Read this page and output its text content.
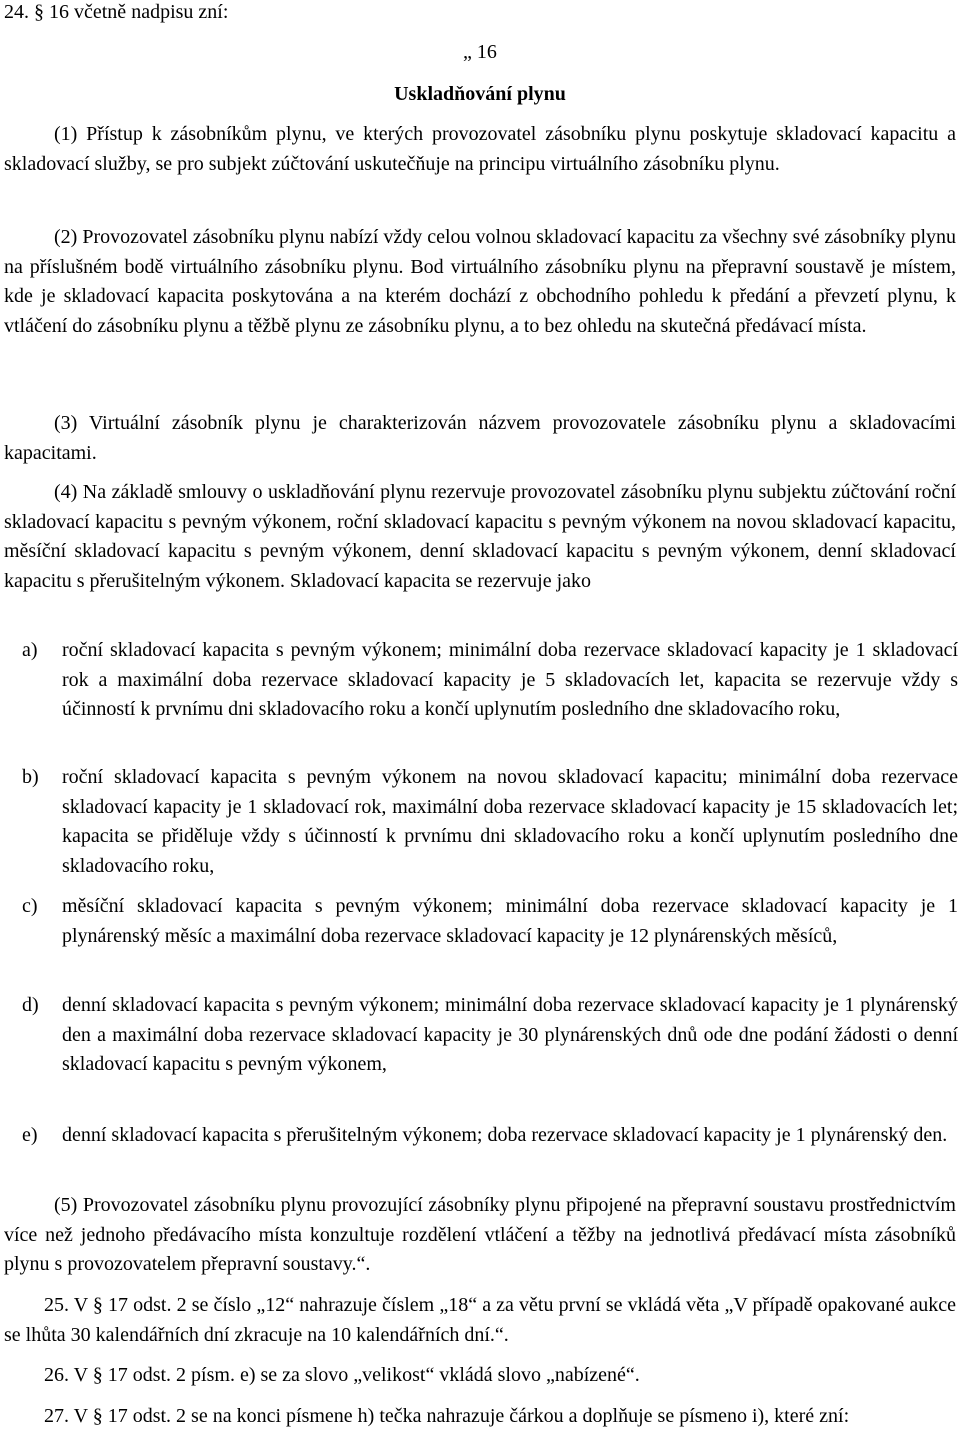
24. § 16 včetně nadpisu zní:
„ 16
Uskladňování plynu

(1) Přístup k zásobníkům plynu, ve kterých provozovatel zásobníku plynu poskytuje skladovací kapacitu a skladovací služby, se pro subjekt zúčtování uskutečňuje na principu virtuálního zásobníku plynu.

(2) Provozovatel zásobníku plynu nabízí vždy celou volnou skladovací kapacitu za všechny své zásobníky plynu na příslušném bodě virtuálního zásobníku plynu. Bod virtuálního zásobníku plynu na přepravní soustavě je místem, kde je skladovací kapacita poskytována a na kterém dochází z obchodního pohledu k předání a převzetí plynu, k vtláčení do zásobníku plynu a těžbě plynu ze zásobníku plynu, a to bez ohledu na skutečná předávací místa.

(3) Virtuální zásobník plynu je charakterizován názvem provozovatele zásobníku plynu a skladovacími kapacitami.

(4) Na základě smlouvy o uskladňování plynu rezervuje provozovatel zásobníku plynu subjektu zúčtování roční skladovací kapacitu s pevným výkonem, roční skladovací kapacitu s pevným výkonem na novou skladovací kapacitu, měsíční skladovací kapacitu s pevným výkonem, denní skladovací kapacitu s pevným výkonem, denní skladovací kapacitu s přerušitelným výkonem. Skladovací kapacita se rezervuje jako

a)	roční skladovací kapacita s pevným výkonem; minimální doba rezervace skladovací kapacity je 1 skladovací rok a maximální doba rezervace skladovací kapacity je 5 skladovacích let, kapacita se rezervuje vždy s účinností k prvnímu dni skladovacího roku a končí uplynutím posledního dne skladovacího roku,

b)	roční skladovací kapacita s pevným výkonem na novou skladovací kapacitu; minimální doba rezervace skladovací kapacity je 1 skladovací rok, maximální doba rezervace skladovací kapacity je 15 skladovacích let; kapacita se přiděluje vždy s účinností k prvnímu dni skladovacího roku a končí uplynutím posledního dne skladovacího roku,

c)	měsíční skladovací kapacita s pevným výkonem; minimální doba rezervace skladovací kapacity je 1 plynárenský měsíc a maximální doba rezervace skladovací kapacity je 12 plynárenských měsíců,

d)	denní skladovací kapacita s pevným výkonem; minimální doba rezervace skladovací kapacity je 1 plynárenský den a maximální doba rezervace skladovací kapacity je 30 plynárenských dnů ode dne podání žádosti o denní skladovací kapacitu s pevným výkonem,

e)	denní skladovací kapacita s přerušitelným výkonem; doba rezervace skladovací kapacity je 1 plynárenský den.

(5) Provozovatel zásobníku plynu provozující zásobníky plynu připojené na přepravní soustavu prostřednictvím více než jednoho předávacího místa konzultuje rozdělení vtláčení a těžby na jednotlivá předávací místa zásobníků plynu s provozovatelem přepravní soustavy.“.

25. V § 17 odst. 2 se číslo „12“ nahrazuje číslem „18“ a za větu první se vkládá věta „V případě opakované aukce se lhůta 30 kalendářních dní zkracuje na 10 kalendářních dní.“.

26. V § 17 odst. 2 písm. e) se za slovo „velikost“ vkládá slovo „nabízené“.

27. V § 17 odst. 2 se na konci písmene h) tečka nahrazuje čárkou a doplňuje se písmeno i), které zní:
